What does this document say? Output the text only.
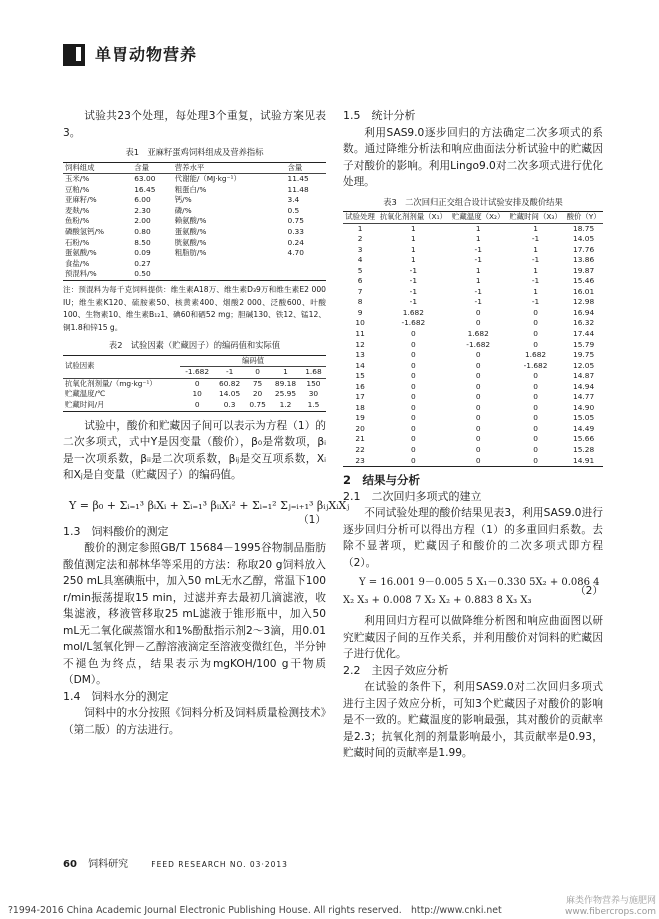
单胃动物营养

试验共23个处理，每处理3个重复，试验方案见表3。

表1　亚麻籽蛋鸡饲料组成及营养指标
饲料组成	含量	营养水平	含量
玉米/%	63.00	代谢能/（MJ·kg⁻¹）	11.45
豆粕/%	16.45	粗蛋白/%	11.48
亚麻籽/%	6.00	钙/%	3.4
麦麸/%	2.30	磷/%	0.5
鱼粉/%	2.00	赖氨酸/%	0.75
磷酸氢钙/%	0.80	蛋氨酸/%	0.33
石粉/%	8.50	胱氨酸/%	0.24
蛋氨酸/%	0.09	粗脂肪/%	4.70
食盐/%	0.27		
预混料/%	0.50		
注：预混料为每千克饲料提供：维生素A18万、维生素D₃9万和维生素E2 000 IU；维生素K120、硫胺素50、核黄素400、烟酸2 000、泛酸600、叶酸100、生物素10、维生素B₁₂1、碘60和硒52 mg；胆碱130、铁12、锰12、铜1.8和锌15 g。
表2　试验因素（贮藏因子）的编码值和实际值
试验因素	编码值				
	-1.682	-1	0	1	1.68
抗氧化剂剂量/（mg·kg⁻¹）	0	60.82	75	89.18	150
贮藏温度/℃	10	14.05	20	25.95	30
贮藏时间/月	0	0.3	0.75	1.2	1.5

试验中，酸价和贮藏因子间可以表示为方程（1）的二次多项式，式中Y是因变量（酸价），β₀是常数项，βᵢ是一次项系数，βᵢᵢ是二次项系数，βᵢⱼ是交互项系数，Xᵢ和Xⱼ是自变量（贮藏因子）的编码值。

Y = β₀ + Σᵢ₌₁³ βᵢXᵢ + Σᵢ₌₁³ βᵢᵢXᵢ² + Σᵢ₌₁² Σⱼ₌ᵢ₊₁³ βᵢⱼXᵢXⱼ
（1）

1.3　饲料酸价的测定

酸价的测定参照GB/T 15684－1995谷物制品脂肪酸值测定法和郝林华等采用的方法：称取20 g饲料放入250 mL具塞碘瓶中，加入50 mL无水乙醇，常温下100 r/min振荡提取15 min，过滤并弃去最初几滴滤液，收集滤液，移液管移取25 mL滤液于锥形瓶中，加入50 mL无二氧化碳蒸馏水和1%酚酞指示剂2～3滴，用0.01 mol/L氢氧化钾－乙醇溶液滴定至溶液变微红色，半分钟不褪色为终点，结果表示为mgKOH/100 g干物质（DM）。

1.4　饲料水分的测定

饲料中的水分按照《饲料分析及饲料质量检测技术》（第二版）的方法进行。

1.5　统计分析

利用SAS9.0逐步回归的方法确定二次多项式的系数。通过降维分析法和响应曲面法分析试验中的贮藏因子对酸价的影响。利用Lingo9.0对二次多项式进行优化处理。

表3　二次回归正交组合设计试验安排及酸价结果
试验处理	抗氧化剂剂量（X₁）	贮藏温度（X₂）	贮藏时间（X₃）	酸价（Y）
1	1	1	1	18.75
2	1	1	-1	14.05
3	1	-1	1	17.76
4	1	-1	-1	13.86
5	-1	1	1	19.87
6	-1	1	-1	15.46
7	-1	-1	1	16.01
8	-1	-1	-1	12.98
9	1.682	0	0	16.94
10	-1.682	0	0	16.32
11	0	1.682	0	17.44
12	0	-1.682	0	15.79
13	0	0	1.682	19.75
14	0	0	-1.682	12.05
15	0	0	0	14.87
16	0	0	0	14.94
17	0	0	0	14.77
18	0	0	0	14.90
19	0	0	0	15.05
20	0	0	0	14.49
21	0	0	0	15.66
22	0	0	0	15.28
23	0	0	0	14.91

2　结果与分析

2.1　二次回归多项式的建立

不同试验处理的酸价结果见表3，利用SAS9.0进行逐步回归分析可以得出方程（1）的多重回归系数。去除不显著项，贮藏因子和酸价的二次多项式即方程（2）。

Y = 16.001 9－0.005 5 X₁－0.330 5X₂ + 0.086 4
X₂ X₃ + 0.008 7 X₂ X₂ + 0.883 8 X₃ X₃
（2）

利用回归方程可以做降维分析图和响应曲面图以研究贮藏因子间的互作关系，并利用酸价对饲料的贮藏因子进行优化。

2.2　主因子效应分析

在试验的条件下，利用SAS9.0对二次回归多项式进行主因子效应分析，可知3个贮藏因子对酸价的影响是不一致的。贮藏温度的影响最强，其对酸价的贡献率是2.3；抗氧化剂的剂量影响最小，其贡献率是0.93，贮藏时间的贡献率是1.99。

60 饲料研究	FEED RESEARCH NO. 03·2013
?1994-2016 China Academic Journal Electronic Publishing House. All rights reserved.　http://www.cnki.net
麻类作物营养与施肥网
www.fibercrops.com
